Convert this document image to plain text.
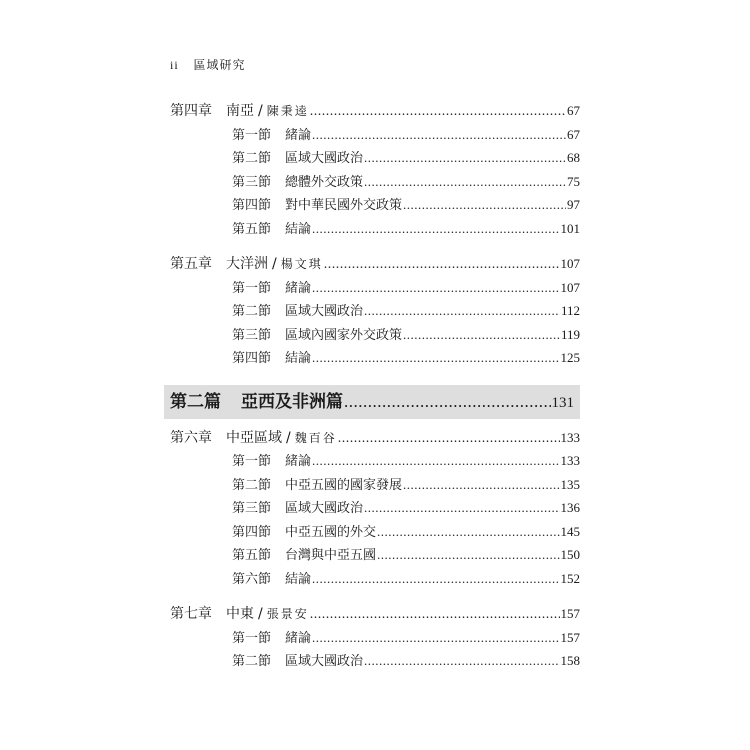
ii 區域研究
第四章 南亞 / 陳秉逵 .....	67
第一節 緒論 .....	67
第二節 區域大國政治 .....	68
第三節 總體外交政策 .....	75
第四節 對中華民國外交政策 .....	97
第五節 結論 .....	101
第五章 大洋洲 / 楊文琪 .....	107
第一節 緒論 .....	107
第二節 區域大國政治 .....	112
第三節 區域內國家外交政策 .....	119
第四節 結論 .....	125
第二篇 亞西及非洲篇 .....	131
第六章 中亞區域 / 魏百谷 .....	133
第一節 緒論 .....	133
第二節 中亞五國的國家發展 .....	135
第三節 區域大國政治 .....	136
第四節 中亞五國的外交 .....	145
第五節 台灣與中亞五國 .....	150
第六節 結論 .....	152
第七章 中東 / 張景安 .....	157
第一節 緒論 .....	157
第二節 區域大國政治 .....	158
